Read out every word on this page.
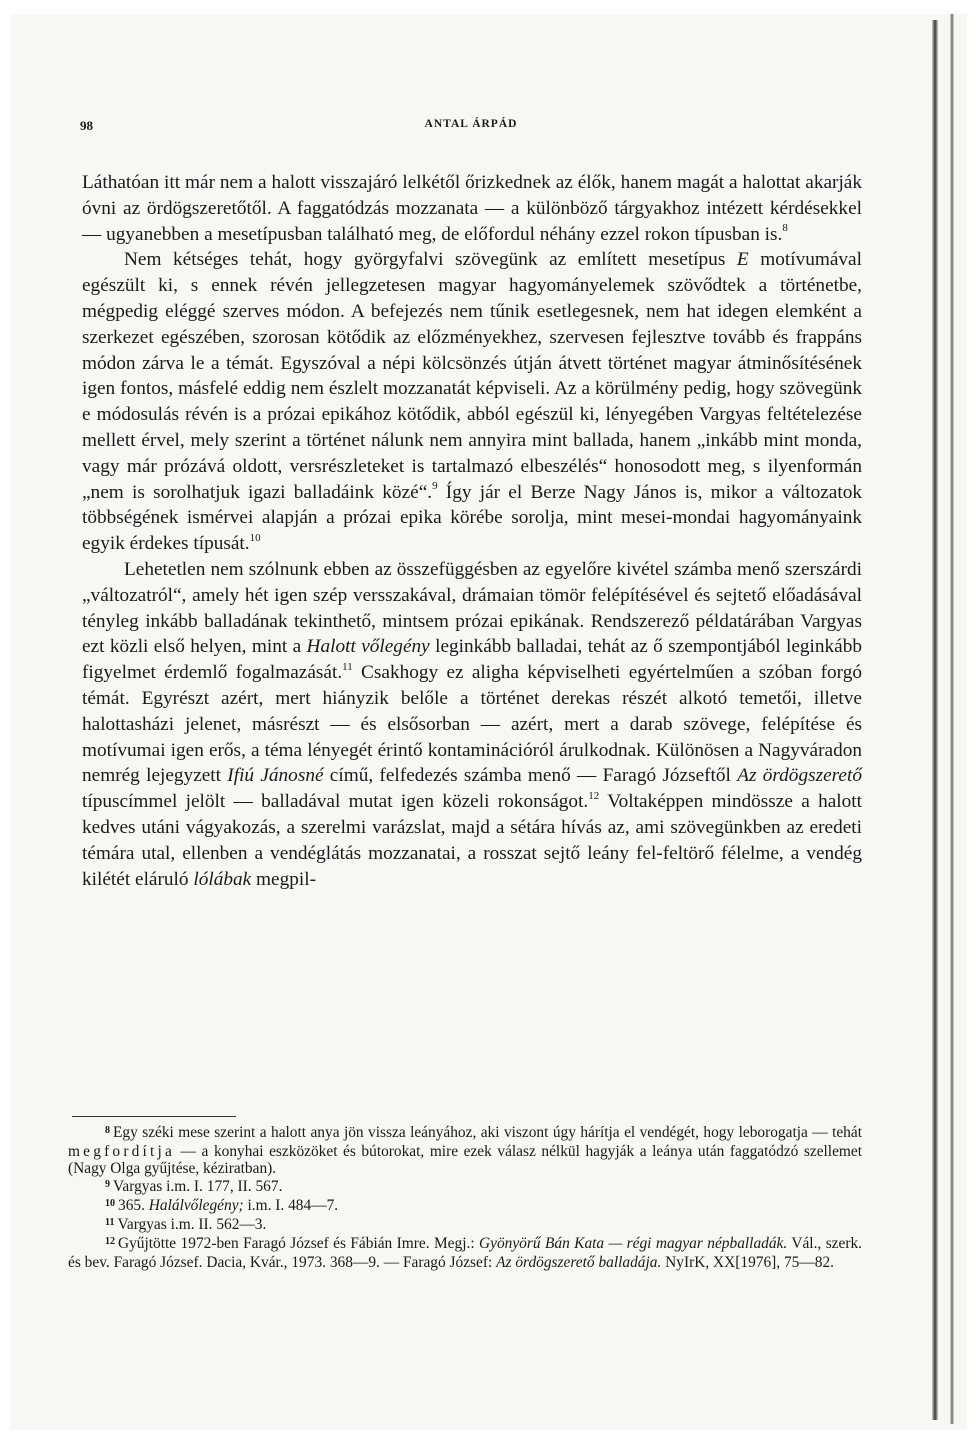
98	ANTAL ÁRPÁD

Láthatóan itt már nem a halott visszajáró lelkétől őrizkednek az élők, hanem magát a halottat akarják óvni az ördögszeretőtől. A faggatódzás mozzanata — a különböző tárgyakhoz intézett kérdésekkel — ugyanebben a mesetípusban található meg, de előfordul néhány ezzel rokon típusban is.$^8$

Nem kétséges tehát, hogy györgyfalvi szövegünk az említett mesetípus E motívumával egészült ki, s ennek révén jellegzetesen magyar hagyományelemek szövődtek a történetbe, mégpedig eléggé szerves módon. A befejezés nem tűnik esetlegesnek, nem hat idegen elemként a szerkezet egészében, szorosan kötődik az előzményekhez, szervesen fejlesztve tovább és frappáns módon zárva le a témát. Egyszóval a népi kölcsönzés útján átvett történet magyar átminősítésének igen fontos, másfelé eddig nem észlelt mozzanatát képviseli. Az a körülmény pedig, hogy szövegünk e módosulás révén is a prózai epikához kötődik, abból egészül ki, lényegében Vargyas feltételezése mellett érvel, mely szerint a történet nálunk nem annyira mint ballada, hanem „inkább mint monda, vagy már prózává oldott, versrészleteket is tartalmazó elbeszélés“ honosodott meg, s ilyenformán „nem is sorolhatjuk igazi balladáink közé“.$^9$ Így jár el Berze Nagy János is, mikor a változatok többségének ismérvei alapján a prózai epika körébe sorolja, mint mesei-mondai hagyományaink egyik érdekes típusát.$^{10}$

Lehetetlen nem szólnunk ebben az összefüggésben az egyelőre kivétel számba menő szerszárdi „változatról“, amely hét igen szép versszakával, drámaian tömör felépítésével és sejtető előadásával tényleg inkább balladának tekinthető, mintsem prózai epikának. Rendszerező példatárában Vargyas ezt közli első helyen, mint a Halott vőlegény leginkább balladai, tehát az ő szempontjából leginkább figyelmet érdemlő fogalmazását.$^{11}$ Csakhogy ez aligha képviselheti egyértelműen a szóban forgó témát. Egyrészt azért, mert hiányzik belőle a történet derekas részét alkotó temetői, illetve halottasházi jelenet, másrészt — és elsősorban — azért, mert a darab szövege, felépítése és motívumai igen erős, a téma lényegét érintő kontaminációról árulkodnak. Különösen a Nagyváradon nemrég lejegyzett Ifiú Jánosné című, felfedezés számba menő — Faragó Józseftől Az ördögszerető típuscímmel jelölt — balladával mutat igen közeli rokonságot.$^{12}$ Voltaképpen mindössze a halott kedves utáni vágyakozás, a szerelmi varázslat, majd a sétára hívás az, ami szövegünkben az eredeti témára utal, ellenben a vendéglátás mozzanatai, a rosszat sejtő leány fel-feltörő félelme, a vendég kilétét eláruló lólábak megpil-

$^8$ Egy széki mese szerint a halott anya jön vissza leányához, aki viszont úgy hárítja el vendégét, hogy leborogatja — tehát megfordítja — a konyhai eszközöket és bútorokat, mire ezek válasz nélkül hagyják a leánya után faggatódzó szellemet (Nagy Olga gyűjtése, kéziratban).

$^9$ Vargyas i.m. I. 177, II. 567.

$^{10}$ 365. Halálvőlegény; i.m. I. 484—7.

$^{11}$ Vargyas i.m. II. 562—3.

$^{12}$ Gyűjtötte 1972-ben Faragó József és Fábián Imre. Megj.: Gyönyörű Bán Kata — régi magyar népballadák. Vál., szerk. és bev. Faragó József. Dacia, Kvár., 1973. 368—9. — Faragó József: Az ördögszerető balladája. NyIrK, XX[1976], 75—82.
